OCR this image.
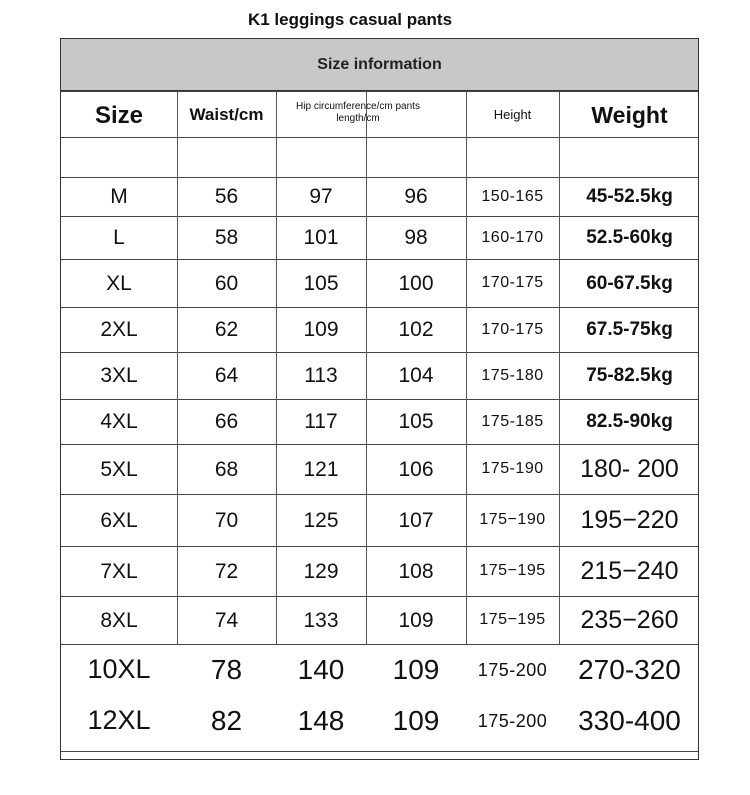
K1 leggings casual pants
Size information
Size	Waist/cm	Hip circumference/cm pants length/cm	Height	Weight
M	56	97	96	150-165	45-52.5kg
L	58	101	98	160-170	52.5-60kg
XL	60	105	100	170-175	60-67.5kg
2XL	62	109	102	170-175	67.5-75kg
3XL	64	113	104	175-180	75-82.5kg
4XL	66	117	105	175-185	82.5-90kg
5XL	68	121	106	175-190	180- 200
6XL	70	125	107	175−190	195−220
7XL	72	129	108	175−195	215−240
8XL	74	133	109	175−195	235−260
10XL	78	140	109	175-200	270-320
12XL	82	148	109	175-200	330-400
